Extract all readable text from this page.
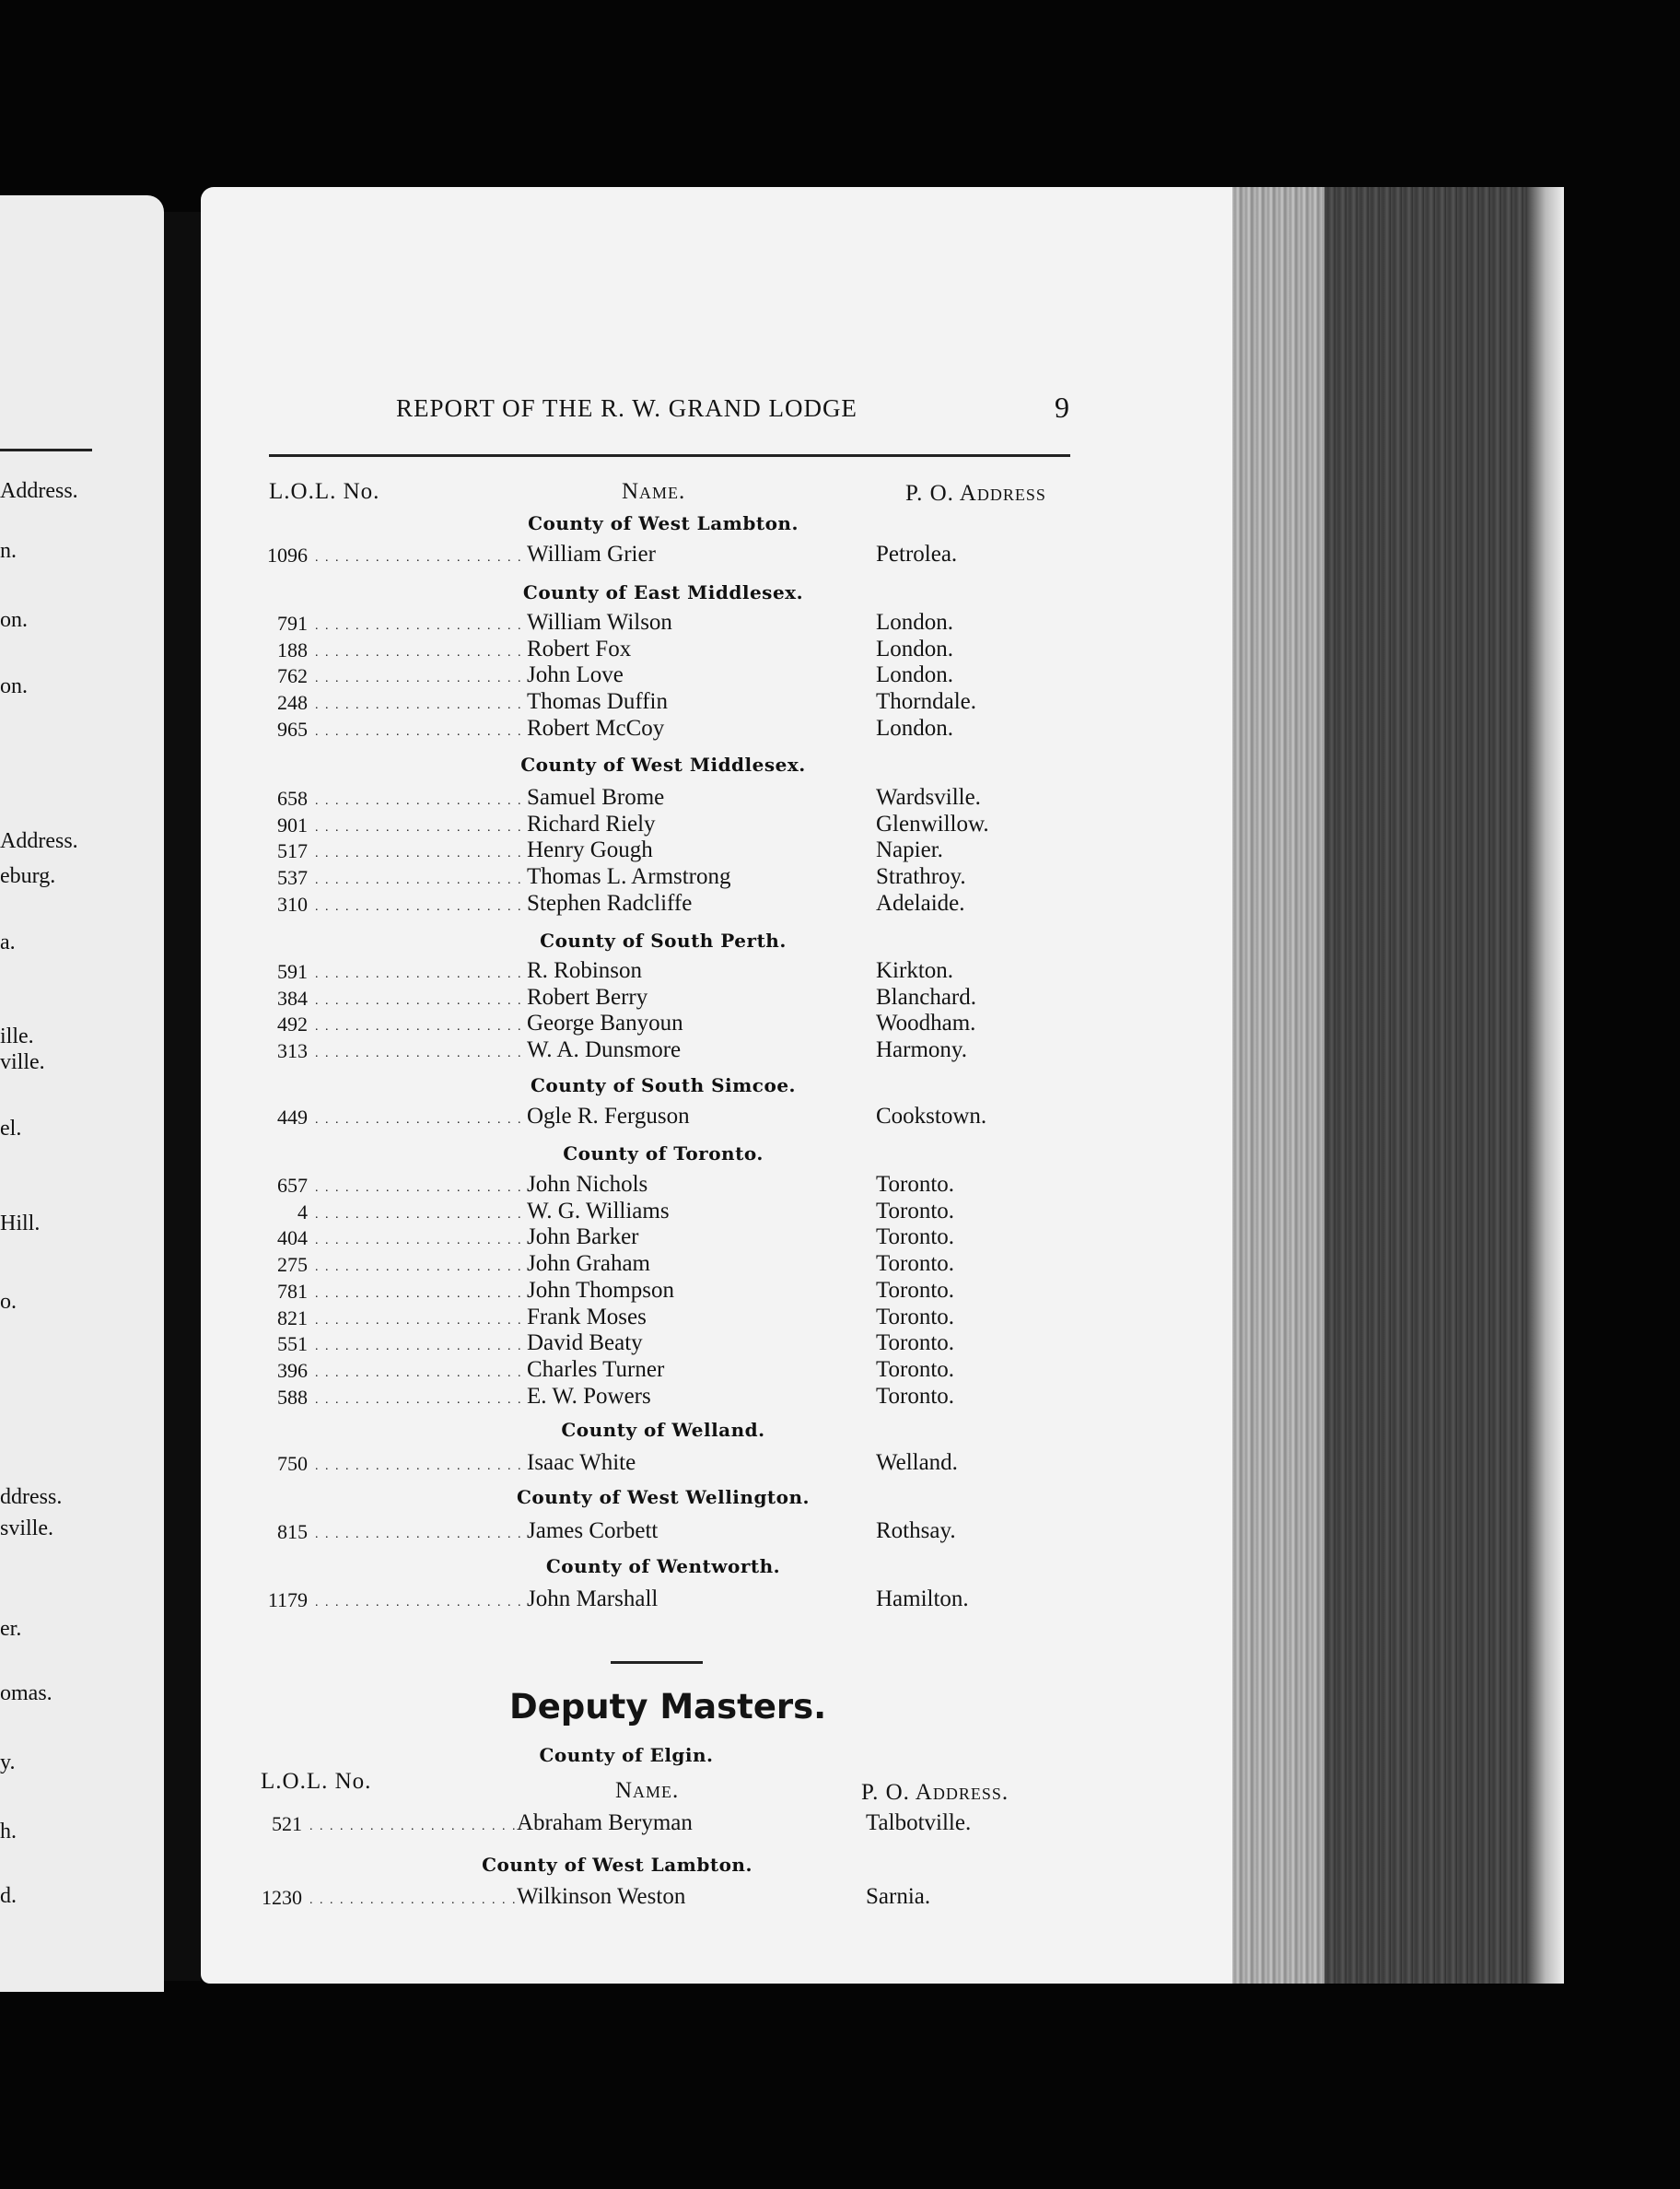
Address.
n.
on.
on.
Address.
eburg.
a.
ille.
ville.
el.
Hill.
o.
ddress.
sville.
er.
omas.
y.
h.
d.
REPORT OF THE R. W. GRAND LODGE	9
L.O.L. No.	Name.	P. O. Address
County of West Lambton.
1096 . . .	William Grier	Petrolea.
County of East Middlesex.
791 . . .	William Wilson	London.
188 . . .	Robert Fox	London.
762 . . .	John Love	London.
248 . . .	Thomas Duffin	Thorndale.
965 . . .	Robert McCoy	London.
County of West Middlesex.
658 . . .	Samuel Brome	Wardsville.
901 . . .	Richard Riely	Glenwillow.
517 . . .	Henry Gough	Napier.
537 . . .	Thomas L. Armstrong	Strathroy.
310 . . .	Stephen Radcliffe	Adelaide.
County of South Perth.
591 . . .	R. Robinson	Kirkton.
384 . . .	Robert Berry	Blanchard.
492 . . .	George Banyoun	Woodham.
313 . . .	W. A. Dunsmore	Harmony.
County of South Simcoe.
449 . . .	Ogle R. Ferguson	Cookstown.
County of Toronto.
657 . . .	John Nichols	Toronto.
4 . . .	W. G. Williams	Toronto.
404 . . .	John Barker	Toronto.
275 . . .	John Graham	Toronto.
781 . . .	John Thompson	Toronto.
821 . . .	Frank Moses	Toronto.
551 . . .	David Beaty	Toronto.
396 . . .	Charles Turner	Toronto.
588 . . .	E. W. Powers	Toronto.
County of Welland.
750 . . .	Isaac White	Welland.
County of West Wellington.
815 . . .	James Corbett	Rothsay.
County of Wentworth.
1179 . . .	John Marshall	Hamilton.
Deputy Masters.
L.O.L. No.	Name.	P. O. Address.
County of Elgin.
521 . . .	Abraham Beryman	Talbotville.
County of West Lambton.
1230 . . .	Wilkinson Weston	Sarnia.
